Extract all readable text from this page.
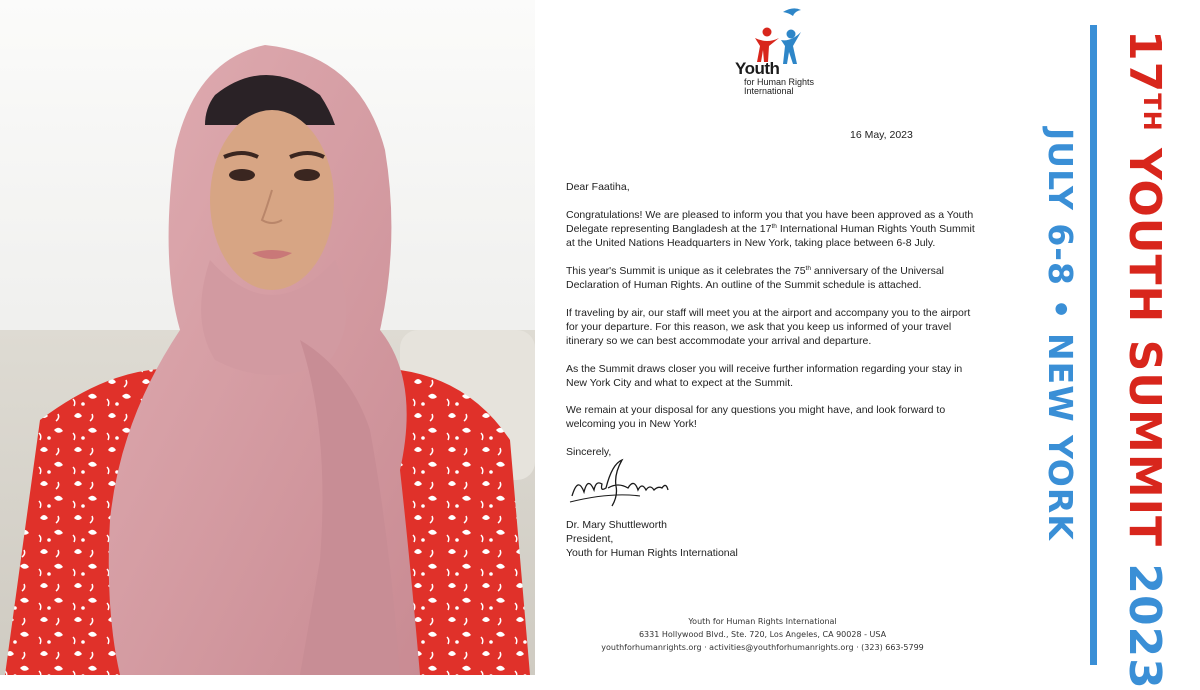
Youth
for Human Rights
International

16 May, 2023

Dear Faatiha,

Congratulations! We are pleased to inform you that you have been approved as a Youth
Delegate representing Bangladesh at the 17th International Human Rights Youth Summit
at the United Nations Headquarters in New York, taking place between 6-8 July.
This year's Summit is unique as it celebrates the 75th anniversary of the Universal
Declaration of Human Rights. An outline of the Summit schedule is attached.
If traveling by air, our staff will meet you at the airport and accompany you to the airport
for your departure. For this reason, we ask that you keep us informed of your travel
itinerary so we can best accommodate your arrival and departure.
As the Summit draws closer you will receive further information regarding your stay in
New York City and what to expect at the Summit.
We remain at your disposal for any questions you might have, and look forward to
welcoming you in New York!

Sincerely,

Dr. Mary Shuttleworth

President,

Youth for Human Rights International

Youth for Human Rights International
6331 Hollywood Blvd., Ste. 720, Los Angeles, CA 90028 - USA
youthforhumanrights.org · activities@youthforhumanrights.org · (323) 663-5799
17TH YOUTH SUMMIT 2023
JULY 6-8 • NEW YORK
